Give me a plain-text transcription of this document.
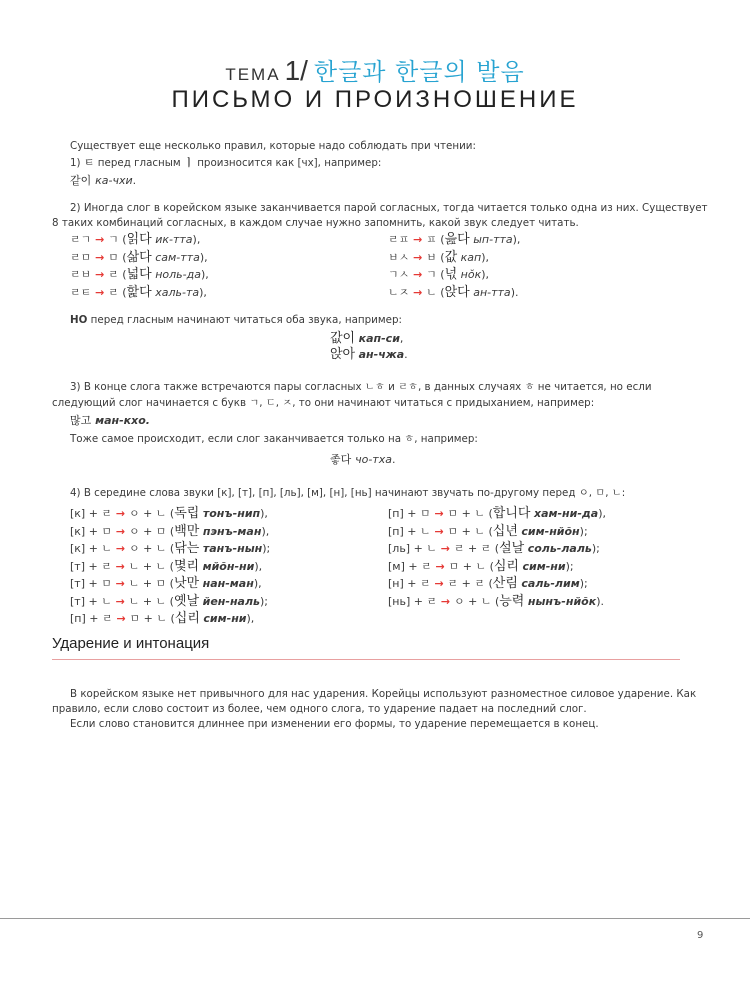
ТЕМА 1/ 한글과 한글의 발음
ПИСЬМО И ПРОИЗНОШЕНИЕ
Существует еще несколько правил, которые надо соблюдать при чтении:
1) ㅌ перед гласным ㅣ произносится как [чх], например:
같이 ка-чхи.
2) Иногда слог в корейском языке заканчивается парой согласных, тогда читается только одна из них. Существует
8 таких комбинаций согласных, в каждом случае нужно запомнить, какой звук следует читать.
ㄹㄱ → ㄱ (읽다 ик-тта),
ㄹㅁ → ㅁ (삶다 сам-тта),
ㄹㅂ → ㄹ (넓다 ноль-да),
ㄹㅌ → ㄹ (핥다 халь-та),
ㄹㅍ → ㅍ (읊다 ып-тта),
ㅂㅅ → ㅂ (값 кап),
ㄱㅅ → ㄱ (넋 нŏк),
ㄴㅈ → ㄴ (앉다 ан-тта).
НО перед гласным начинают читаться оба звука, например:
값이 кап-си,
앉아 ан-чжа.
3) В конце слога также встречаются пары согласных ㄴㅎ и ㄹㅎ, в данных случаях ㅎ не читается, но если
следующий слог начинается с букв ㄱ, ㄷ, ㅈ, то они начинают читаться с придыханием, например:
많고 ман-кхо.
Тоже самое происходит, если слог заканчивается только на ㅎ, например:
좋다 чо-тха.
4) В середине слова звуки [к], [т], [п], [ль], [м], [н], [нь] начинают звучать по-другому перед ㅇ, ㅁ, ㄴ:
[к] + ㄹ → ㅇ + ㄴ (독립 тонъ-нип),
[к] + ㅁ → ㅇ + ㅁ (백만 пэнъ-ман),
[к] + ㄴ → ㅇ + ㄴ (닦는 танъ-нын);
[т] + ㄹ → ㄴ + ㄴ (몇리 мйŏн-ни),
[т] + ㅁ → ㄴ + ㅁ (낫만 нан-ман),
[т] + ㄴ → ㄴ + ㄴ (옛날 йен-наль);
[п] + ㄹ → ㅁ + ㄴ (십리 сим-ни),
[п] + ㅁ → ㅁ + ㄴ (합니다 хам-ни-да),
[п] + ㄴ → ㅁ + ㄴ (십년 сим-нйŏн);
[ль] + ㄴ → ㄹ + ㄹ (설날 соль-лаль);
[м] + ㄹ → ㅁ + ㄴ (심리 сим-ни);
[н] + ㄹ → ㄹ + ㄹ (산림 саль-лим);
[нь] + ㄹ → ㅇ + ㄴ (능력 нынъ-нйŏк).
Ударение и интонация
В корейском языке нет привычного для нас ударения. Корейцы используют разноместное силовое ударение. Как
правило, если слово состоит из более, чем одного слога, то ударение падает на последний слог.
Если слово становится длиннее при изменении его формы, то ударение перемещается в конец.
9
